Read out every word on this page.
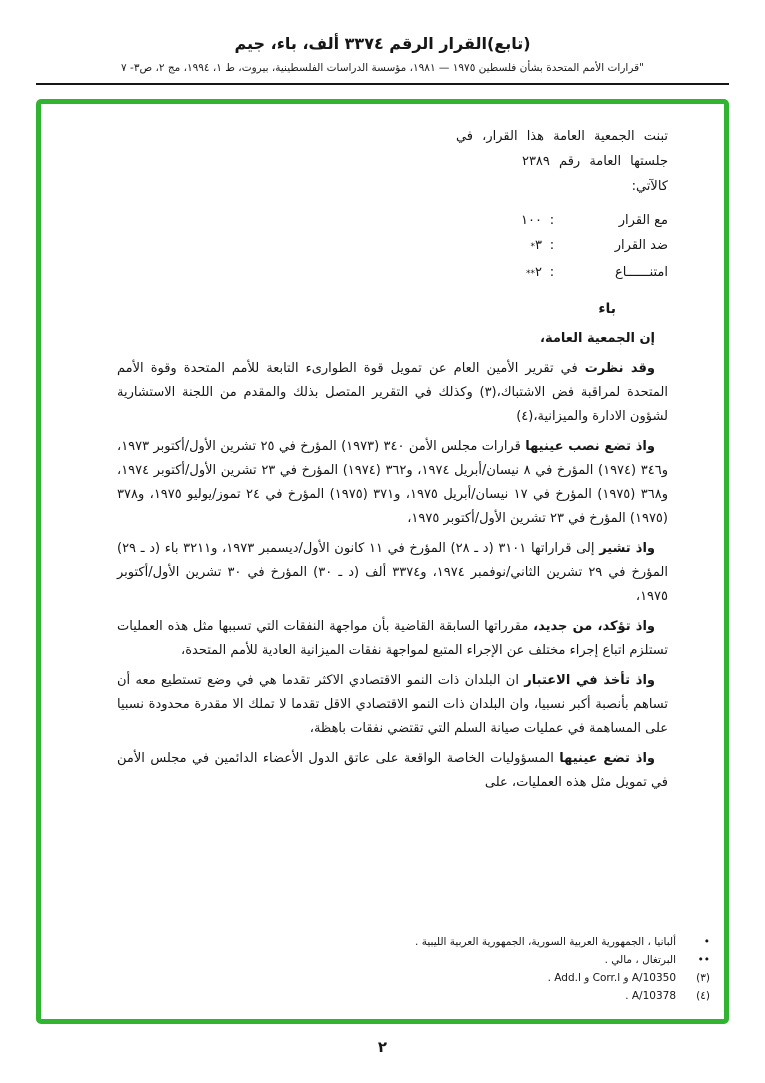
(تابع)القرار الرقم ٣٣٧٤ ألف، باء، جيم
"قرارات الأمم المتحدة بشأن فلسطين ١٩٧٥ — ١٩٨١، مؤسسة الدراسات الفلسطينية، بيروت، ط ١، ١٩٩٤، مج ٢، ص٣- ٧
تبنت الجمعية العامة هذا القرار، في
جلستها العامة رقم ٢٣٨٩
كالآتي:
مع القرار
:
١٠٠
ضد القرار
:
٣
*
امتنــــــاع
:
٢
**
باء

إن الجمعية العامة،

وقد نظرت في تقرير الأمين العام عن تمويل قوة الطوارىء التابعة للأمم المتحدة وقوة الأمم المتحدة لمراقبة فض الاشتباك،(٣) وكذلك في التقرير المتصل بذلك والمقدم من اللجنة الاستشارية لشؤون الادارة والميزانية،(٤)

واذ تضع نصب عينيها قرارات مجلس الأمن ٣٤٠ (١٩٧٣) المؤرخ في ٢٥ تشرين الأول/أكتوبر ١٩٧٣، و٣٤٦ (١٩٧٤) المؤرخ في ٨ نيسان/أبريل ١٩٧٤، و٣٦٢ (١٩٧٤) المؤرخ في ٢٣ تشرين الأول/أكتوبر ١٩٧٤، و٣٦٨ (١٩٧٥) المؤرخ في ١٧ نيسان/أبريل ١٩٧٥، و٣٧١ (١٩٧٥) المؤرخ في ٢٤ تموز/يوليو ١٩٧٥، و٣٧٨ (١٩٧٥) المؤرخ في ٢٣ تشرين الأول/أكتوبر ١٩٧٥،

واذ تشير إلى قراراتها ٣١٠١ (د ـ ٢٨) المؤرخ في ١١ كانون الأول/ديسمبر ١٩٧٣، و٣٢١١ باء (د ـ ٢٩) المؤرخ في ٢٩ تشرين الثاني/نوفمبر ١٩٧٤، و٣٣٧٤ ألف (د ـ ٣٠) المؤرخ في ٣٠ تشرين الأول/أكتوبر ١٩٧٥،

واذ تؤكد، من جديد، مقرراتها السابقة القاضية بأن مواجهة النفقات التي تسببها مثل هذه العمليات تستلزم اتباع إجراء مختلف عن الإجراء المتبع لمواجهة نفقات الميزانية العادية للأمم المتحدة،

واذ تأخذ في الاعتبار ان البلدان ذات النمو الاقتصادي الاكثر تقدما هي في وضع تستطيع معه أن تساهم بأنصبة أكبر نسبيا، وان البلدان ذات النمو الاقتصادي الاقل تقدما لا تملك الا مقدرة محدودة نسبيا على المساهمة في عمليات صيانة السلم التي تقتضي نفقات باهظة،

واذ تضع عينيها المسؤوليات الخاصة الواقعة على عاتق الدول الأعضاء الدائمين في مجلس الأمن في تمويل مثل هذه العمليات، على

•
ألبانيا ، الجمهورية العربية السورية، الجمهورية العربية الليبية .
••
البرتغال ، مالي .
(٣)
A/10350 و Corr.l و Add.l .
(٤)
A/10378 .
٢
